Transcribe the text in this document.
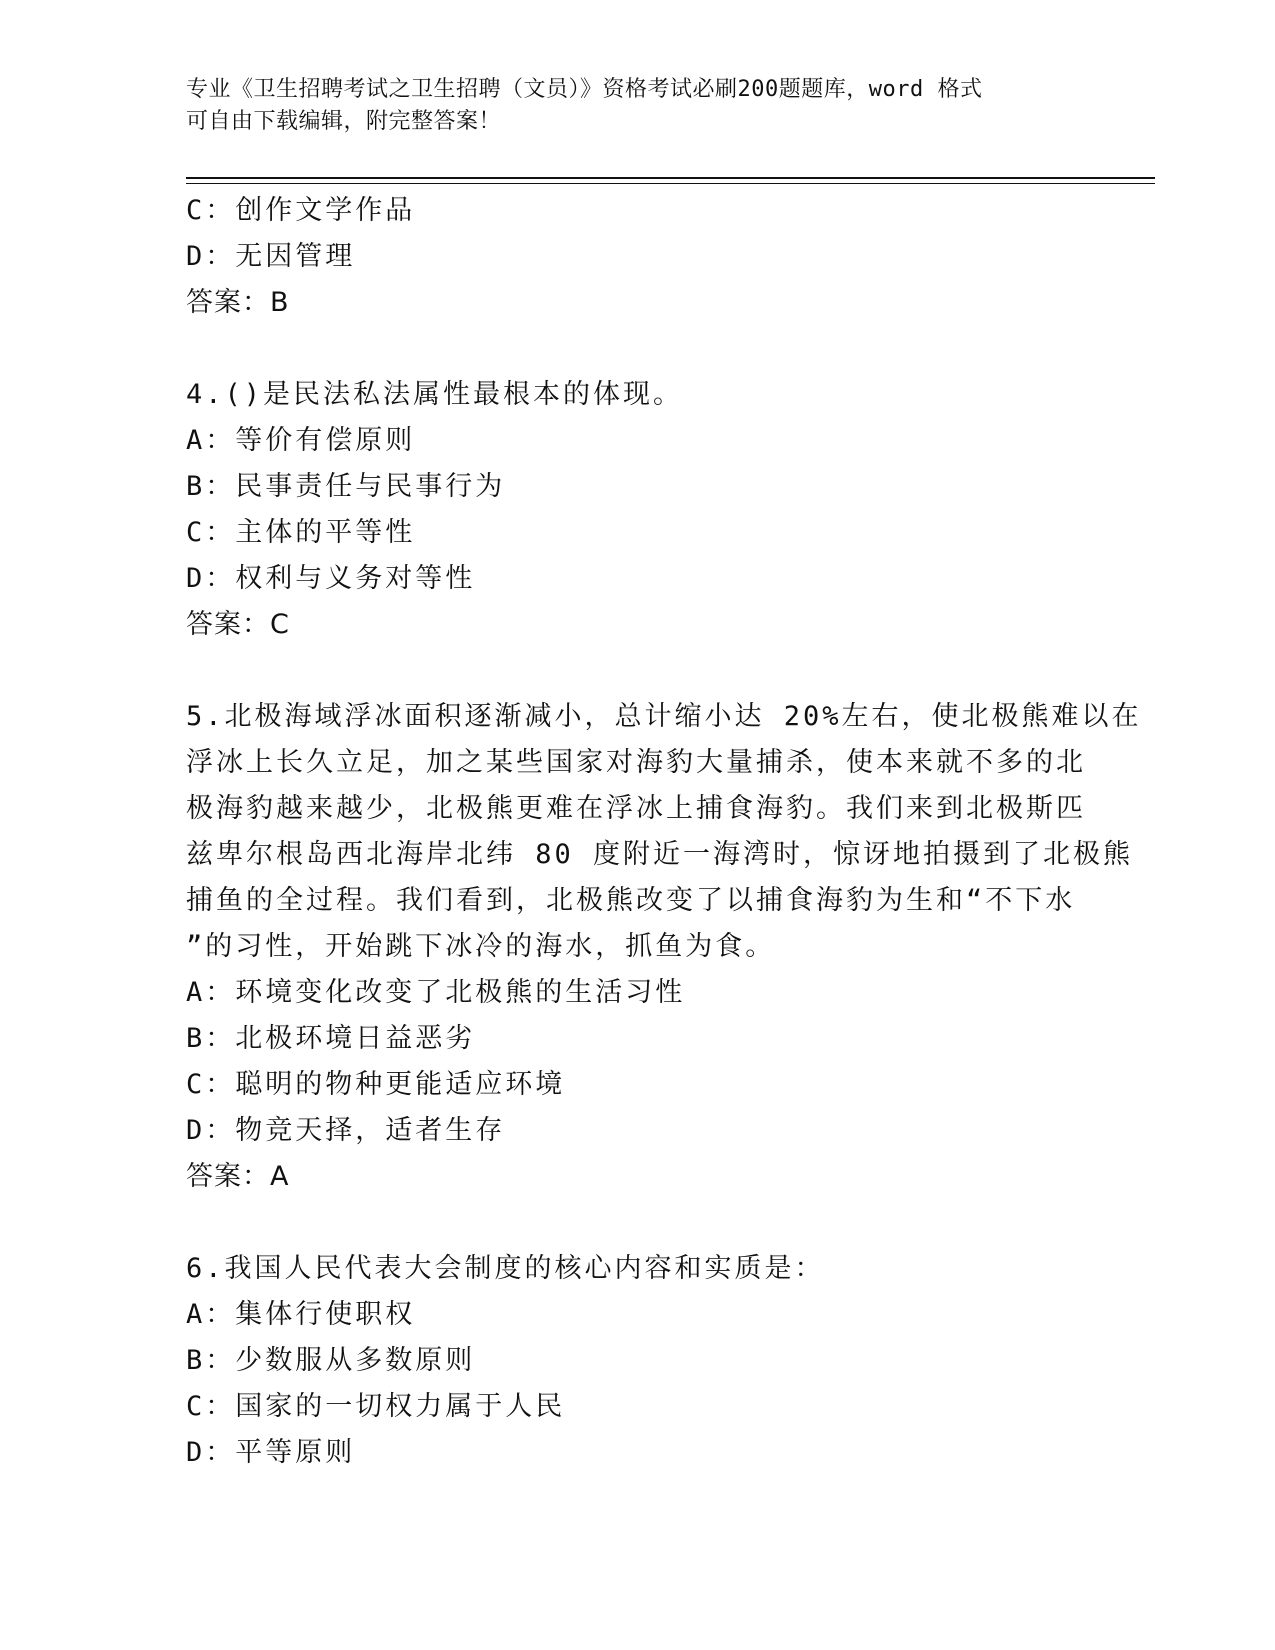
专业《卫生招聘考试之卫生招聘（文员）》资格考试必刷200题题库，word 格式
可自由下载编辑，附完整答案！
C：创作文学作品
D：无因管理
答案：B
4.()是民法私法属性最根本的体现。
A：等价有偿原则
B：民事责任与民事行为
C：主体的平等性
D：权利与义务对等性
答案：C
5.北极海域浮冰面积逐渐减小，总计缩小达 20%左右，使北极熊难以在
浮冰上长久立足，加之某些国家对海豹大量捕杀，使本来就不多的北
极海豹越来越少，北极熊更难在浮冰上捕食海豹。我们来到北极斯匹
兹卑尔根岛西北海岸北纬 80 度附近一海湾时，惊讶地拍摄到了北极熊
捕鱼的全过程。我们看到，北极熊改变了以捕食海豹为生和“不下水
”的习性，开始跳下冰冷的海水，抓鱼为食。
A：环境变化改变了北极熊的生活习性
B：北极环境日益恶劣
C：聪明的物种更能适应环境
D：物竞天择，适者生存
答案：A
6.我国人民代表大会制度的核心内容和实质是：
A：集体行使职权
B：少数服从多数原则
C：国家的一切权力属于人民
D：平等原则
